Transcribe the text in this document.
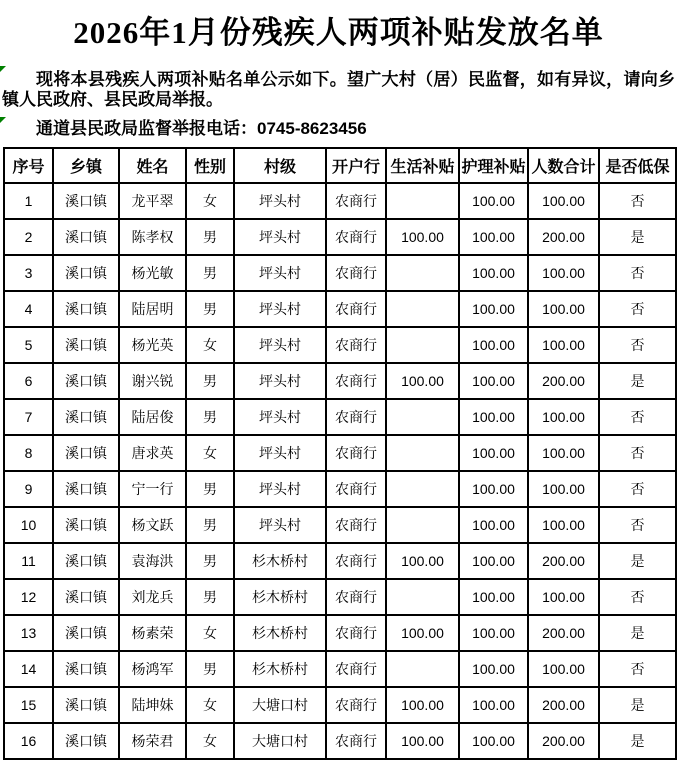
2026年1月份残疾人两项补贴发放名单

现将本县残疾人两项补贴名单公示如下。望广大村（居）民监督，如有异议，请向乡镇人民政府、县民政局举报。

通道县民政局监督举报电话：0745-8623456

序号	乡镇	姓名	性别	村级	开户行	生活补贴	护理补贴	人数合计	是否低保
1	溪口镇	龙平翠	女	坪头村	农商行		100.00	100.00	否
2	溪口镇	陈孝权	男	坪头村	农商行	100.00	100.00	200.00	是
3	溪口镇	杨光敏	男	坪头村	农商行		100.00	100.00	否
4	溪口镇	陆居明	男	坪头村	农商行		100.00	100.00	否
5	溪口镇	杨光英	女	坪头村	农商行		100.00	100.00	否
6	溪口镇	谢兴锐	男	坪头村	农商行	100.00	100.00	200.00	是
7	溪口镇	陆居俊	男	坪头村	农商行		100.00	100.00	否
8	溪口镇	唐求英	女	坪头村	农商行		100.00	100.00	否
9	溪口镇	宁一行	男	坪头村	农商行		100.00	100.00	否
10	溪口镇	杨文跃	男	坪头村	农商行		100.00	100.00	否
11	溪口镇	袁海洪	男	杉木桥村	农商行	100.00	100.00	200.00	是
12	溪口镇	刘龙兵	男	杉木桥村	农商行		100.00	100.00	否
13	溪口镇	杨素荣	女	杉木桥村	农商行	100.00	100.00	200.00	是
14	溪口镇	杨鸿军	男	杉木桥村	农商行		100.00	100.00	否
15	溪口镇	陆坤妹	女	大塘口村	农商行	100.00	100.00	200.00	是
16	溪口镇	杨荣君	女	大塘口村	农商行	100.00	100.00	200.00	是
